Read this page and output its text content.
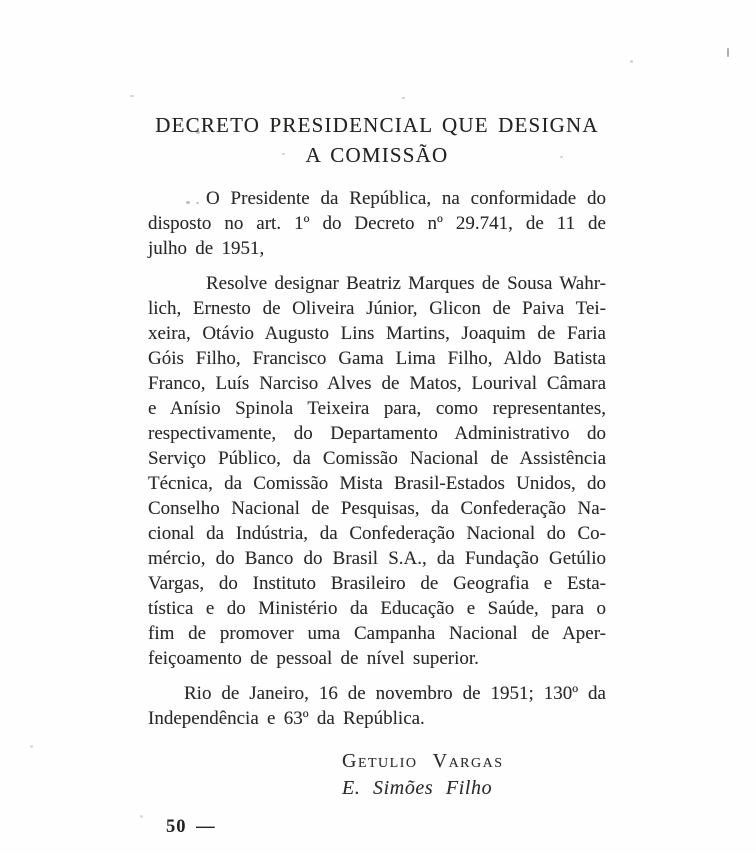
DECRETO PRESIDENCIAL QUE DESIGNA
A COMISSÃO
O Presidente da República, na conformidade do
disposto no art. 1º do Decreto nº 29.741, de 11 de
julho de 1951,
Resolve designar Beatriz Marques de Sousa Wahr-
lich, Ernesto de Oliveira Júnior, Glicon de Paiva Tei-
xeira, Otávio Augusto Lins Martins, Joaquim de Faria
Góis Filho, Francisco Gama Lima Filho, Aldo Batista
Franco, Luís Narciso Alves de Matos, Lourival Câmara
e Anísio Spinola Teixeira para, como representantes,
respectivamente, do Departamento Administrativo do
Serviço Público, da Comissão Nacional de Assistência
Técnica, da Comissão Mista Brasil-Estados Unidos, do
Conselho Nacional de Pesquisas, da Confederação Na-
cional da Indústria, da Confederação Nacional do Co-
mércio, do Banco do Brasil S.A., da Fundação Getúlio
Vargas, do Instituto Brasileiro de Geografia e Esta-
tística e do Ministério da Educação e Saúde, para o
fim de promover uma Campanha Nacional de Aper-
feiçoamento de pessoal de nível superior.
Rio de Janeiro, 16 de novembro de 1951; 130º da
Independência e 63º da República.
Getulio Vargas
E. Simões Filho
50 —
